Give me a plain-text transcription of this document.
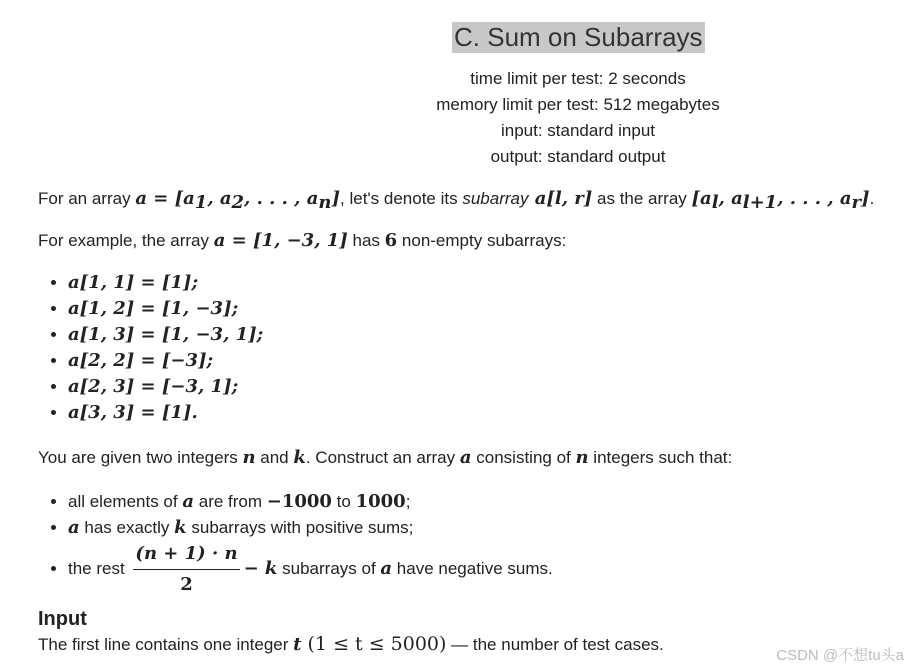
C. Sum on Subarrays
time limit per test: 2 seconds
memory limit per test: 512 megabytes
input: standard input
output: standard output
For an array $a = [a_1$, $a_2$, . . . , $a_n$], let's denote its subarray a[l, r] as the array [$a_l$, $a_{l+1}$, . . . , $a_r$].
For example, the array a = [1, −3, 1] has 6 non-empty subarrays:
• a[1, 1] = [1];
• a[1, 2] = [1, −3];
• a[1, 3] = [1, −3, 1];
• a[2, 2] = [−3];
• a[2, 3] = [−3, 1];
• a[3, 3] = [1].
You are given two integers n and k. Construct an array a consisting of n integers such that:
• all elements of a are from −1000 to 1000;
• a has exactly k subarrays with positive sums;
• the rest $\frac{(n + 1) \cdot n}{2} - k$ subarrays of a have negative sums.
Input
The first line contains one integer t (1 ≤ t ≤ 5000) — the number of test cases.
CSDN @不想tu头a
